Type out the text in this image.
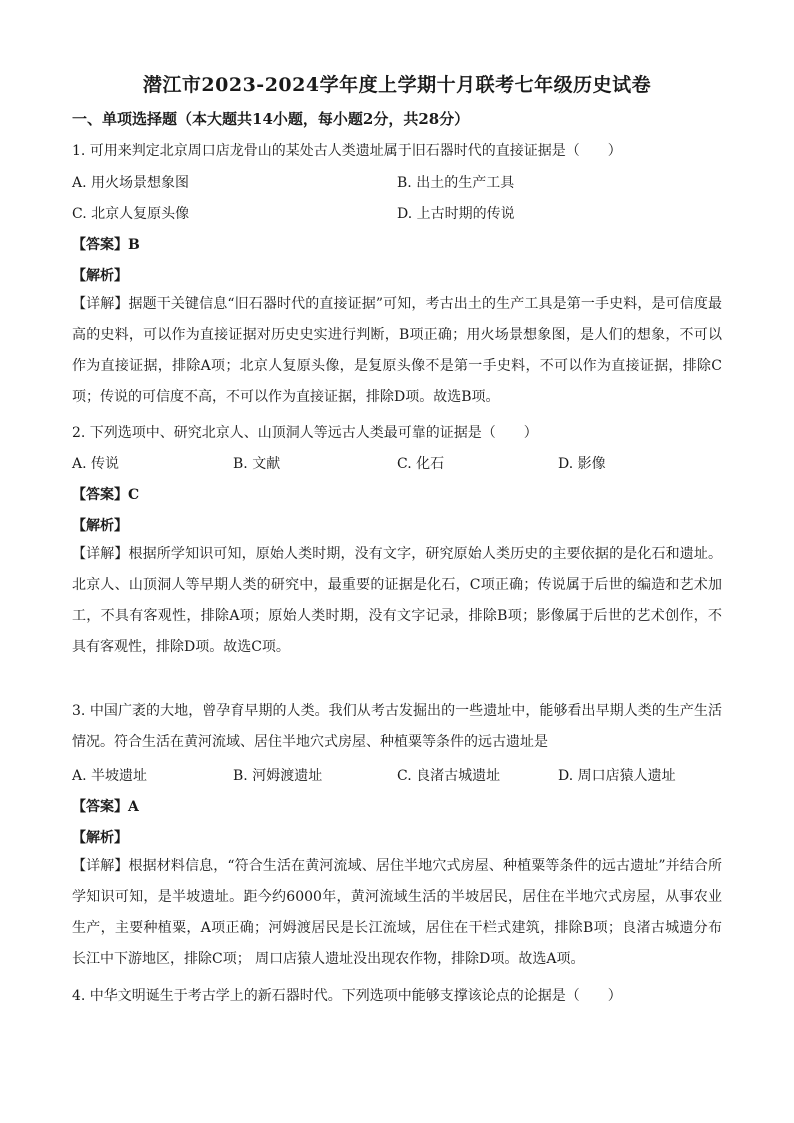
潜江市2023-2024学年度上学期十月联考七年级历史试卷
一、单项选择题（本大题共14小题，每小题2分，共28分）
1. 可用来判定北京周口店龙骨山的某处古人类遗址属于旧石器时代的直接证据是（　　）
A. 用火场景想象图	B. 出土的生产工具
C. 北京人复原头像	D. 上古时期的传说
【答案】B
【解析】
【详解】据题干关键信息“旧石器时代的直接证据”可知，考古出土的生产工具是第一手史料，是可信度最高的史料，可以作为直接证据对历史史实进行判断，B项正确；用火场景想象图，是人们的想象，不可以作为直接证据，排除A项；北京人复原头像，是复原头像不是第一手史料，不可以作为直接证据，排除C项；传说的可信度不高，不可以作为直接证据，排除D项。故选B项。
2. 下列选项中、研究北京人、山顶洞人等远古人类最可靠的证据是（　　）
A. 传说	B. 文献	C. 化石	D. 影像
【答案】C
【解析】
【详解】根据所学知识可知，原始人类时期，没有文字，研究原始人类历史的主要依据的是化石和遗址。北京人、山顶洞人等早期人类的研究中，最重要的证据是化石，C项正确；传说属于后世的编造和艺术加工，不具有客观性，排除A项；原始人类时期，没有文字记录，排除B项；影像属于后世的艺术创作，不具有客观性，排除D项。故选C项。
3. 中国广袤的大地，曾孕育早期的人类。我们从考古发掘出的一些遗址中，能够看出早期人类的生产生活情况。符合生活在黄河流域、居住半地穴式房屋、种植粟等条件的远古遗址是
A. 半坡遗址	B. 河姆渡遗址	C. 良渚古城遗址	D. 周口店猿人遗址
【答案】A
【解析】
【详解】根据材料信息，“符合生活在黄河流域、居住半地穴式房屋、种植粟等条件的远古遗址”并结合所学知识可知，是半坡遗址。距今约6000年，黄河流域生活的半坡居民，居住在半地穴式房屋，从事农业生产，主要种植粟，A项正确；河姆渡居民是长江流域，居住在干栏式建筑，排除B项；良渚古城遗分布长江中下游地区，排除C项； 周口店猿人遗址没出现农作物，排除D项。故选A项。
4. 中华文明诞生于考古学上的新石器时代。下列选项中能够支撑该论点的论据是（　　）
